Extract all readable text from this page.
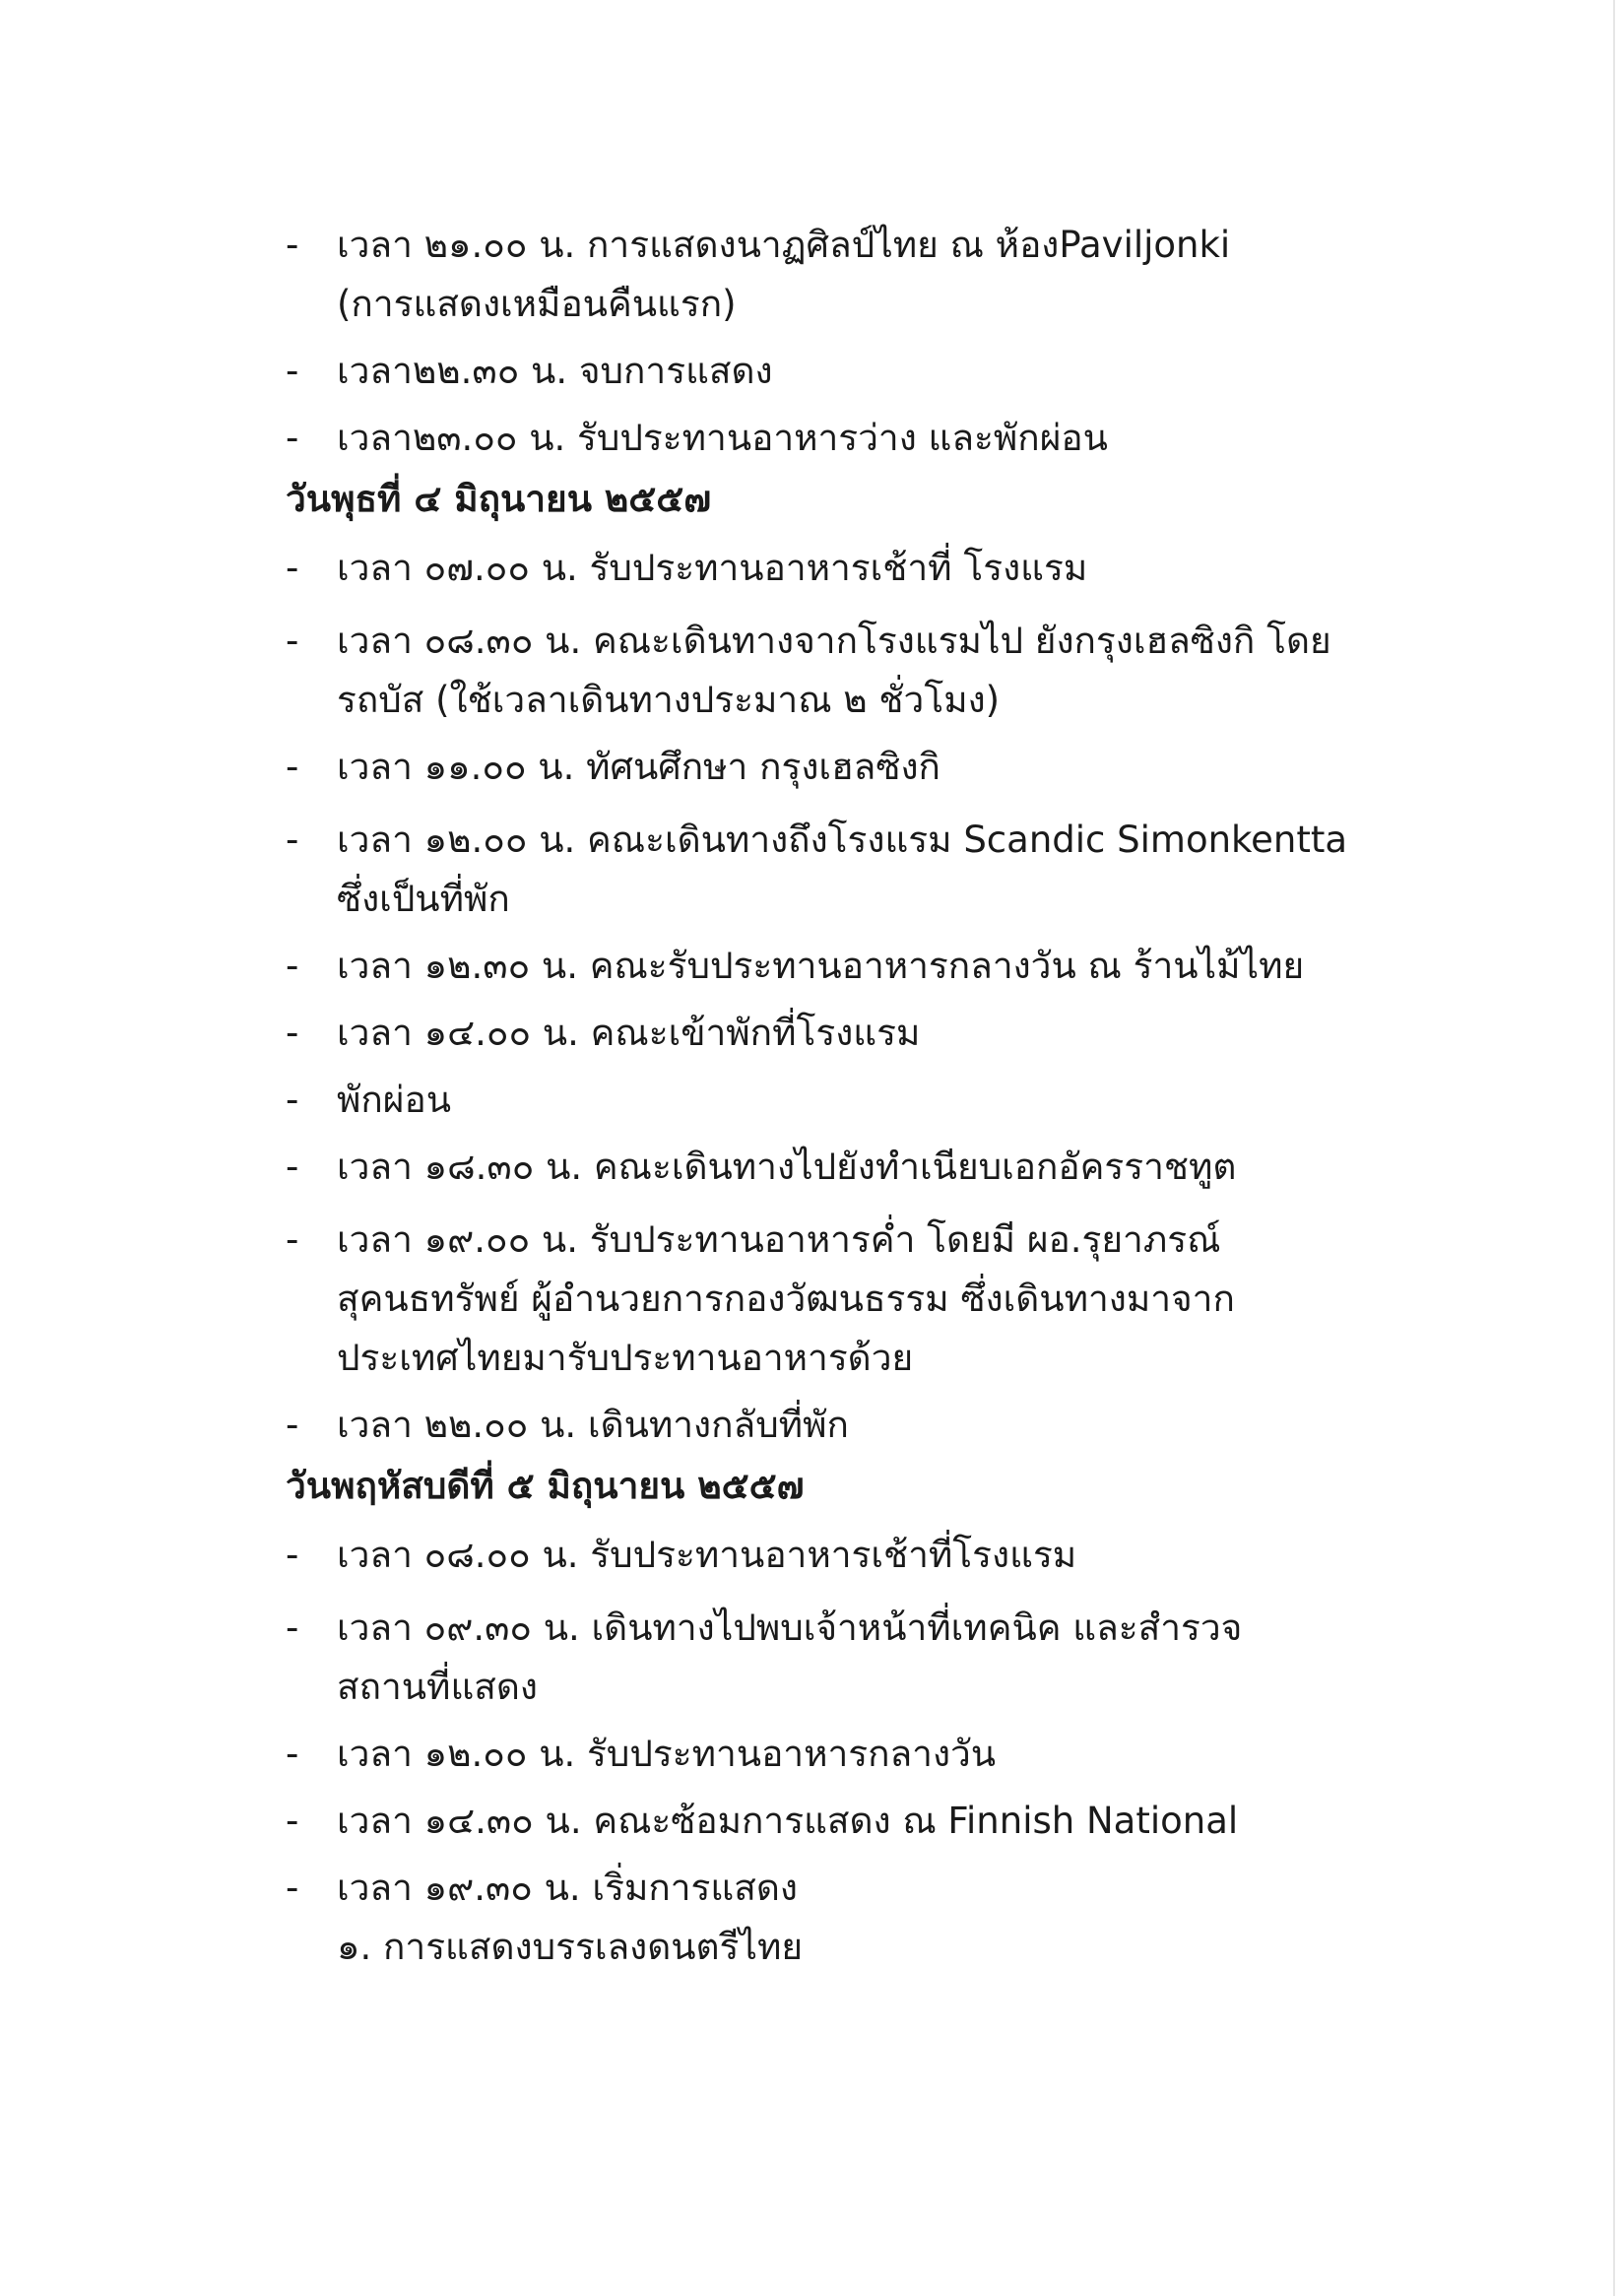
-	เวลา ๒๑.๐๐ น. การแสดงนาฏศิลป์ไทย ณ ห้องPaviljonki
(การแสดงเหมือนคืนแรก)
-	เวลา๒๒.๓๐ น. จบการแสดง
-	เวลา๒๓.๐๐ น. รับประทานอาหารว่าง และพักผ่อน
วันพุธที่ ๔ มิถุนายน ๒๕๕๗
-	เวลา ๐๗.๐๐ น. รับประทานอาหารเช้าที่ โรงแรม
-	เวลา ๐๘.๓๐ น. คณะเดินทางจากโรงแรมไป ยังกรุงเฮลซิงกิ โดย
รถบัส (ใช้เวลาเดินทางประมาณ ๒ ชั่วโมง)
-	เวลา ๑๑.๐๐ น. ทัศนศึกษา กรุงเฮลซิงกิ
-	เวลา ๑๒.๐๐ น. คณะเดินทางถึงโรงแรม Scandic Simonkentta
ซึ่งเป็นที่พัก
-	เวลา ๑๒.๓๐ น. คณะรับประทานอาหารกลางวัน ณ ร้านไม้ไทย
-	เวลา ๑๔.๐๐ น. คณะเข้าพักที่โรงแรม
-	พักผ่อน
-	เวลา ๑๘.๓๐ น. คณะเดินทางไปยังทำเนียบเอกอัครราชทูต
-	เวลา ๑๙.๐๐ น. รับประทานอาหารค่ำ โดยมี ผอ.รุยาภรณ์
สุคนธทรัพย์ ผู้อำนวยการกองวัฒนธรรม ซึ่งเดินทางมาจาก
ประเทศไทยมารับประทานอาหารด้วย
-	เวลา ๒๒.๐๐ น. เดินทางกลับที่พัก
วันพฤหัสบดีที่ ๕ มิถุนายน ๒๕๕๗
-	เวลา ๐๘.๐๐ น. รับประทานอาหารเช้าที่โรงแรม
-	เวลา ๐๙.๓๐ น. เดินทางไปพบเจ้าหน้าที่เทคนิค และสำรวจ
สถานที่แสดง
-	เวลา ๑๒.๐๐ น. รับประทานอาหารกลางวัน
-	เวลา ๑๔.๓๐ น. คณะซ้อมการแสดง ณ Finnish National
-	เวลา ๑๙.๓๐ น. เริ่มการแสดง
๑. การแสดงบรรเลงดนตรีไทย
